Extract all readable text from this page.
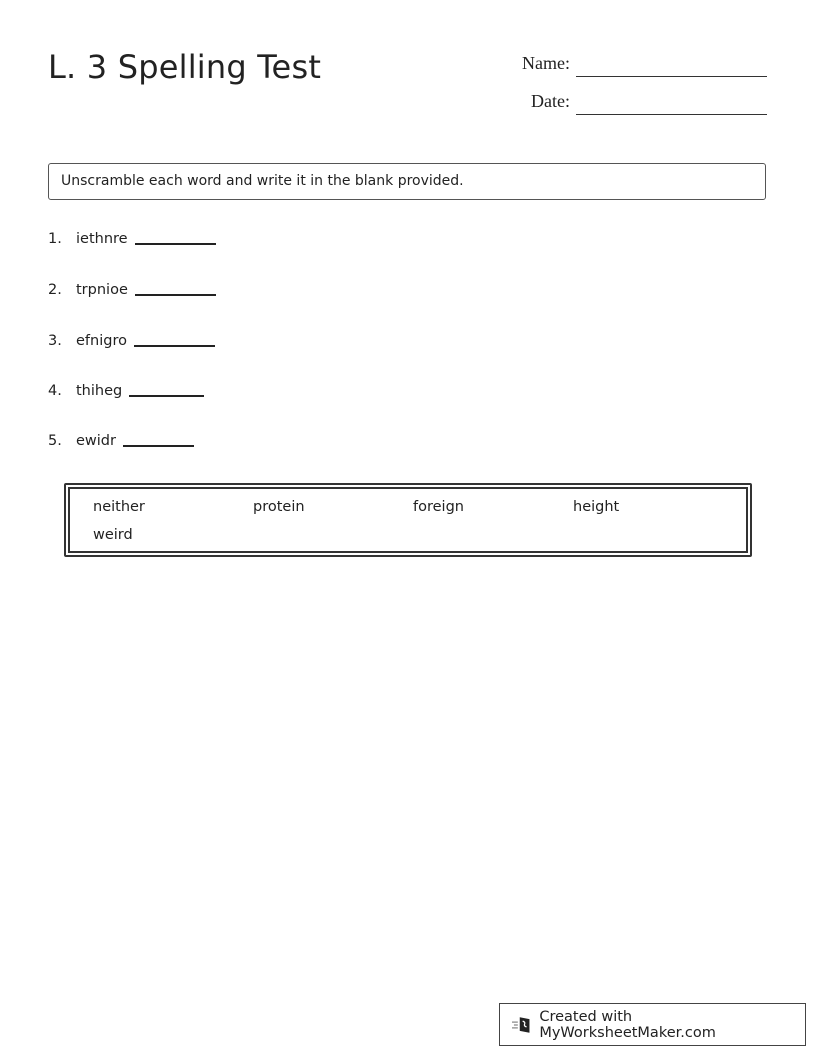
L. 3 Spelling Test	Name:
Date:
Unscramble each word and write it in the blank provided.
1. iethnre
2. trpnioe
3. efnigro
4. thiheg
5. ewidr
neither	protein	foreign	height
weird
Created with MyWorksheetMaker.com
